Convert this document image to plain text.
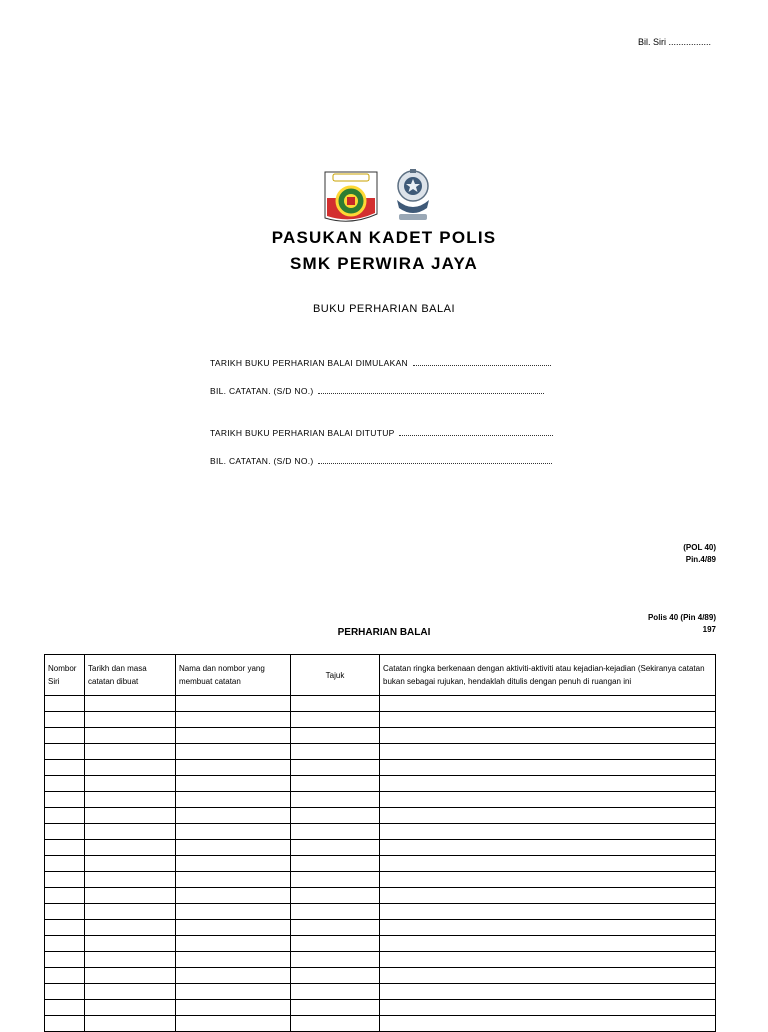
Bil. Siri .................
PASUKAN KADET POLIS
SMK PERWIRA JAYA
BUKU PERHARIAN BALAI
TARIKH BUKU PERHARIAN BALAI DIMULAKAN
BIL. CATATAN. (S/D NO.)
TARIKH BUKU PERHARIAN BALAI DITUTUP
BIL. CATATAN. (S/D NO.)
(POL 40)
Pin.4/89
Polis 40 (Pin 4/89)
197
PERHARIAN BALAI
Nombor Siri	Tarikh dan masa catatan dibuat	Nama dan nombor yang membuat catatan	Tajuk	Catatan ringka berkenaan dengan aktiviti-aktiviti atau kejadian-kejadian (Sekiranya catatan bukan sebagai rujukan, hendaklah ditulis dengan penuh di ruangan ini
